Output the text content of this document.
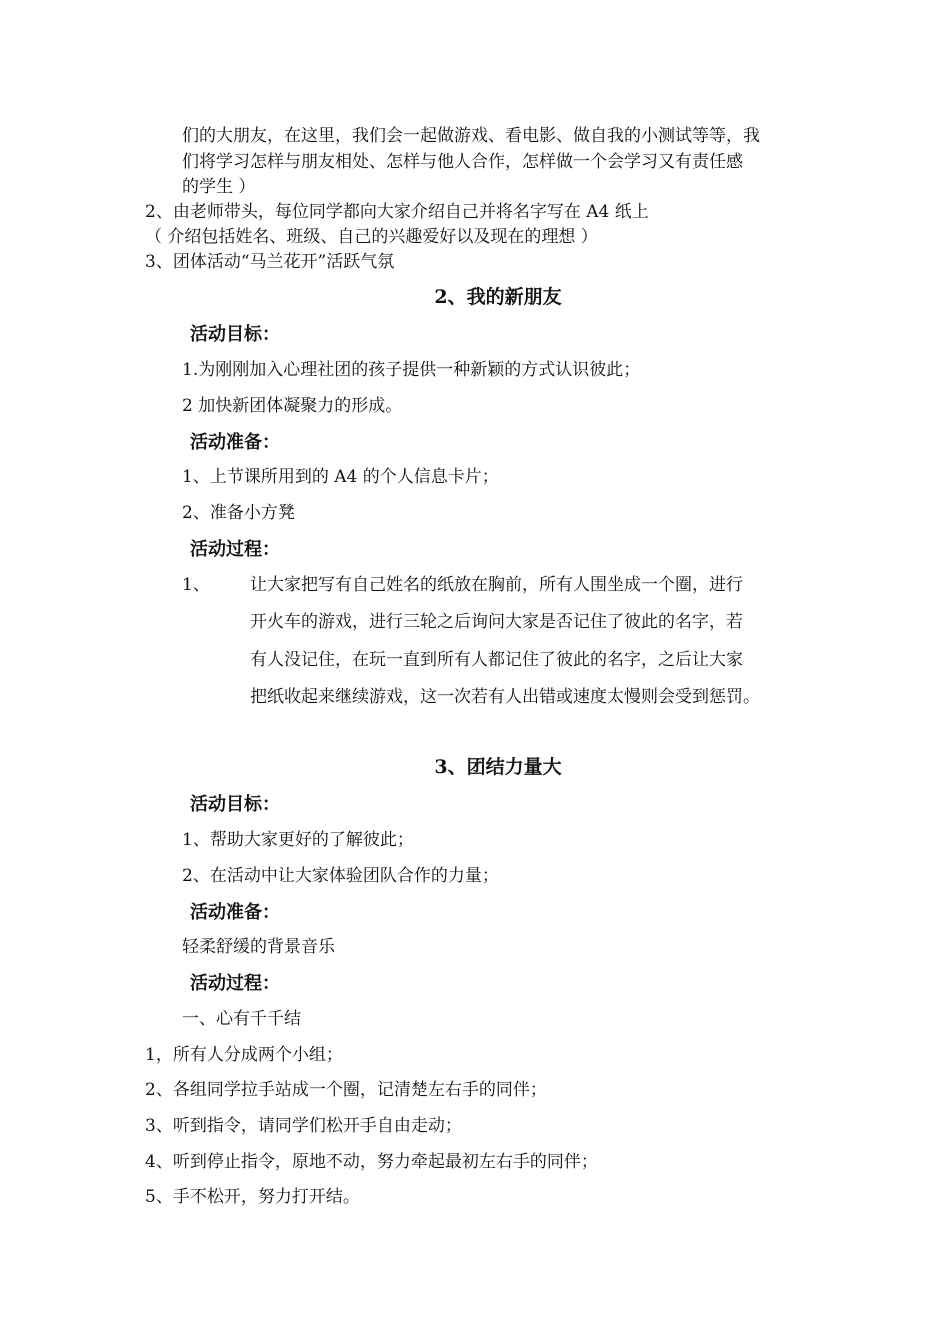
们的大朋友，在这里，我们会一起做游戏、看电影、做自我的小测试等等，我
们将学习怎样与朋友相处、怎样与他人合作，怎样做一个会学习又有责任感
的学生 ）
2、由老师带头，每位同学都向大家介绍自己并将名字写在 A4 纸上
（ 介绍包括姓名、班级、自己的兴趣爱好以及现在的理想 ）
3、团体活动“马兰花开”活跃气氛
2、我的新朋友
活动目标：
1.为刚刚加入心理社团的孩子提供一种新颖的方式认识彼此；
2 加快新团体凝聚力的形成。
活动准备：
1、上节课所用到的 A4 的个人信息卡片；
2、准备小方凳
活动过程：
1、 让大家把写有自己姓名的纸放在胸前，所有人围坐成一个圈，进行
开火车的游戏，进行三轮之后询问大家是否记住了彼此的名字，若
有人没记住，在玩一直到所有人都记住了彼此的名字，之后让大家
把纸收起来继续游戏，这一次若有人出错或速度太慢则会受到惩罚。
3、团结力量大
活动目标：
1、帮助大家更好的了解彼此；
2、在活动中让大家体验团队合作的力量；
活动准备：
轻柔舒缓的背景音乐
活动过程：
一、心有千千结
1，所有人分成两个小组；
2、各组同学拉手站成一个圈，记清楚左右手的同伴；
3、听到指令，请同学们松开手自由走动；
4、听到停止指令，原地不动，努力牵起最初左右手的同伴；
5、手不松开，努力打开结。
